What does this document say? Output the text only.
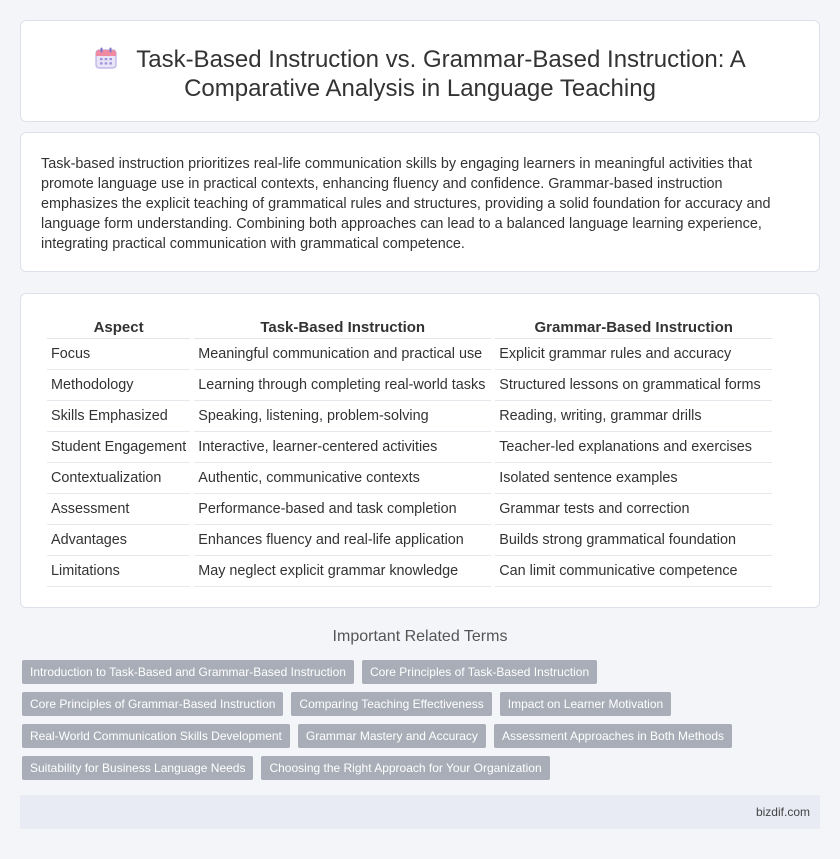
Task-Based Instruction vs. Grammar-Based Instruction: A Comparative Analysis in Language Teaching

Task-based instruction prioritizes real-life communication skills by engaging learners in meaningful activities that promote language use in practical contexts, enhancing fluency and confidence. Grammar-based instruction emphasizes the explicit teaching of grammatical rules and structures, providing a solid foundation for accuracy and language form understanding. Combining both approaches can lead to a balanced language learning experience, integrating practical communication with grammatical competence.

Aspect	Task-Based Instruction	Grammar-Based Instruction
Focus	Meaningful communication and practical use	Explicit grammar rules and accuracy
Methodology	Learning through completing real-world tasks	Structured lessons on grammatical forms
Skills Emphasized	Speaking, listening, problem-solving	Reading, writing, grammar drills
Student Engagement	Interactive, learner-centered activities	Teacher-led explanations and exercises
Contextualization	Authentic, communicative contexts	Isolated sentence examples
Assessment	Performance-based and task completion	Grammar tests and correction
Advantages	Enhances fluency and real-life application	Builds strong grammatical foundation
Limitations	May neglect explicit grammar knowledge	Can limit communicative competence
Important Related Terms
Introduction to Task-Based and Grammar-Based Instruction	Core Principles of Task-Based Instruction
Core Principles of Grammar-Based Instruction	Comparing Teaching Effectiveness	Impact on Learner Motivation
Real-World Communication Skills Development	Grammar Mastery and Accuracy	Assessment Approaches in Both Methods
Suitability for Business Language Needs	Choosing the Right Approach for Your Organization
bizdif.com
